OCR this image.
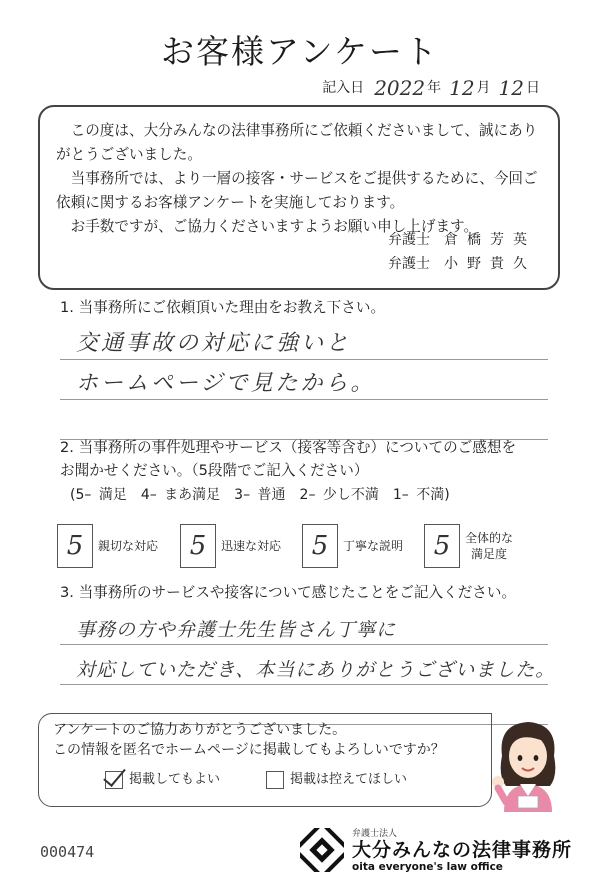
お客様アンケート
記入日 2022 年 12 月 12 日

この度は、大分みんなの法律事務所にご依頼くださいまして、誠にありがとうございました。

当事務所では、より一層の接客・サービスをご提供するために、今回ご依頼に関するお客様アンケートを実施しております。

お手数ですが、ご協力くださいますようお願い申し上げます。

弁護士 倉橋芳英
弁護士 小野貴久
1. 当事務所にご依頼頂いた理由をお教え下さい。
交通事故の対応に強いと
ホームページで見たから。
2. 当事務所の事件処理やサービス（接客等含む）についてのご感想を
お聞かせください。（5段階でご記入ください）
(5– 満足　4– まあ満足　3– 普通　2– 少し不満　1– 不満)
5	親切な対応	5	迅速な対応	5	丁寧な説明	5	全体的な
満足度
3. 当事務所のサービスや接客について感じたことをご記入ください。
事務の方や弁護士先生皆さん丁寧に
対応していただき、本当にありがとうございました。
アンケートのご協力ありがとうございました。
この情報を匿名でホームページに掲載してもよろしいですか？
掲載してもよい	掲載は控えてほしい
000474
弁護士法人
大分みんなの法律事務所
oita everyone's law office
